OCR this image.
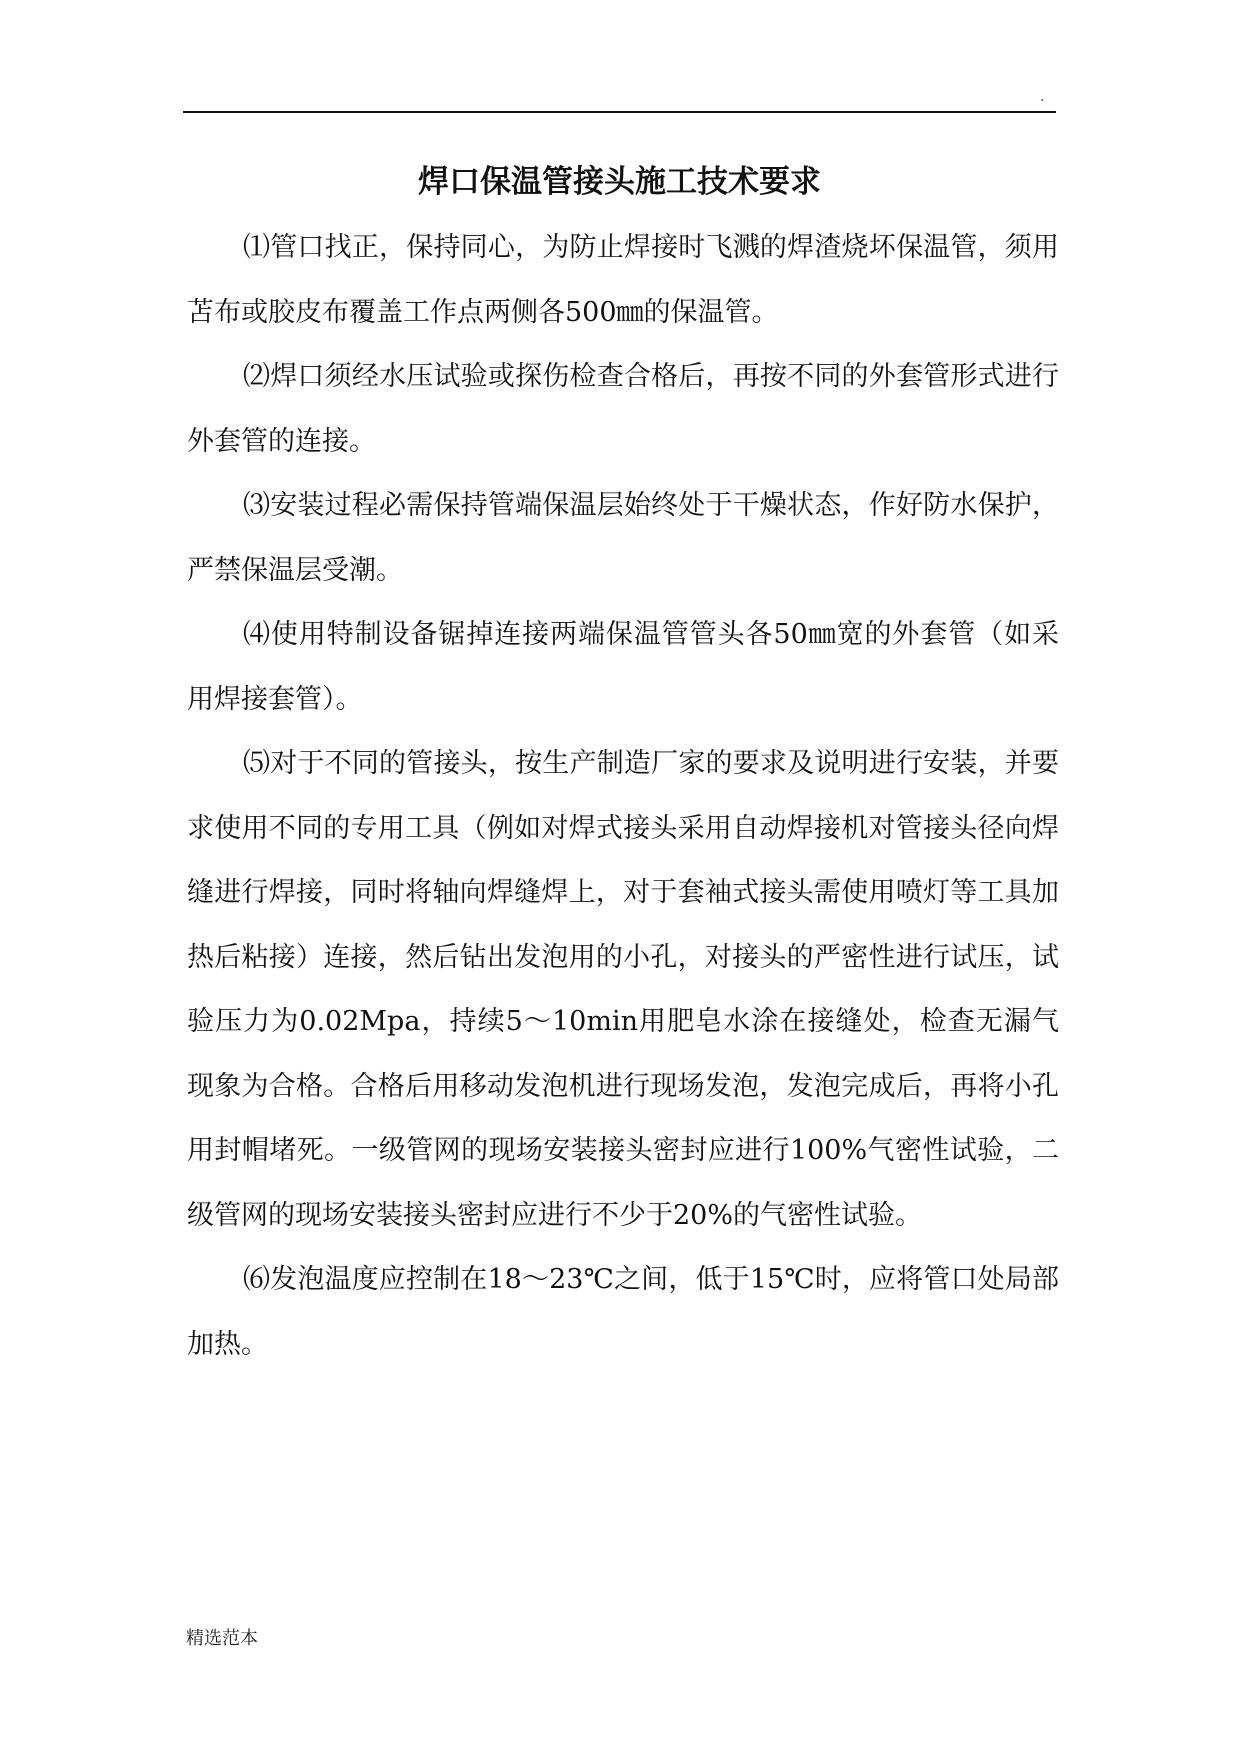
.
焊口保温管接头施工技术要求

⑴管口找正，保持同心，为防止焊接时飞溅的焊渣烧坏保温管，须用苫布或胶皮布覆盖工作点两侧各500㎜的保温管。

⑵焊口须经水压试验或探伤检查合格后，再按不同的外套管形式进行外套管的连接。

⑶安装过程必需保持管端保温层始终处于干燥状态，作好防水保护，严禁保温层受潮。

⑷使用特制设备锯掉连接两端保温管管头各50㎜宽的外套管（如采用焊接套管）。

⑸对于不同的管接头，按生产制造厂家的要求及说明进行安装，并要求使用不同的专用工具（例如对焊式接头采用自动焊接机对管接头径向焊缝进行焊接，同时将轴向焊缝焊上，对于套袖式接头需使用喷灯等工具加热后粘接）连接，然后钻出发泡用的小孔，对接头的严密性进行试压，试验压力为0.02Mpa，持续5～10min用肥皂水涂在接缝处，检查无漏气现象为合格。合格后用移动发泡机进行现场发泡，发泡完成后，再将小孔用封帽堵死。一级管网的现场安装接头密封应进行100%气密性试验，二级管网的现场安装接头密封应进行不少于20%的气密性试验。

⑹发泡温度应控制在18～23℃之间，低于15℃时，应将管口处局部加热。

精选范本
